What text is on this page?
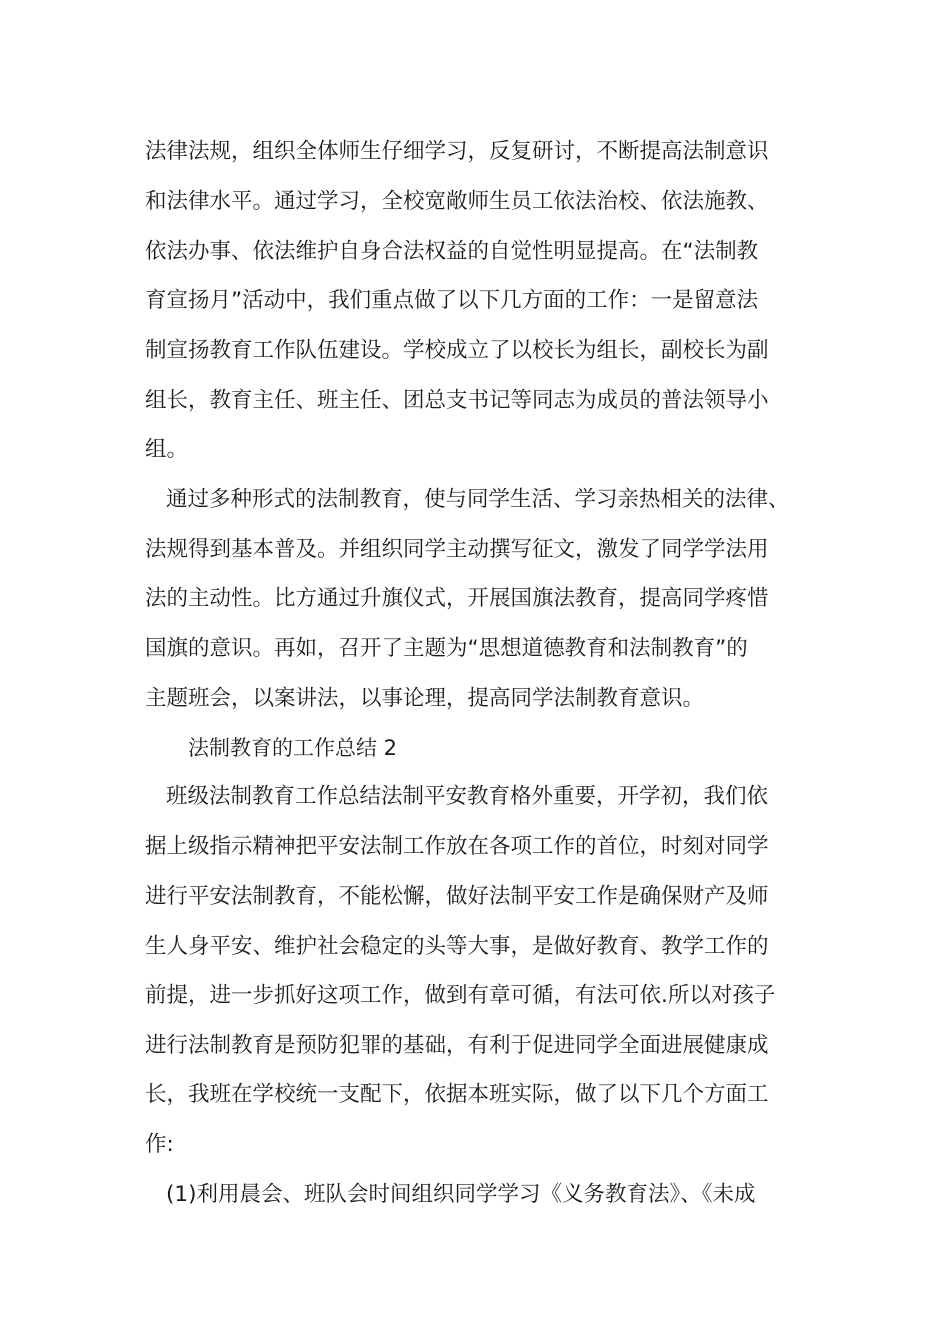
法律法规，组织全体师生仔细学习，反复研讨，不断提高法制意识

和法律水平。通过学习，全校宽敞师生员工依法治校、依法施教、

依法办事、依法维护自身合法权益的自觉性明显提高。在“法制教

育宣扬月”活动中，我们重点做了以下几方面的工作：一是留意法

制宣扬教育工作队伍建设。学校成立了以校长为组长，副校长为副

组长，教育主任、班主任、团总支书记等同志为成员的普法领导小

组。

通过多种形式的法制教育，使与同学生活、学习亲热相关的法律、

法规得到基本普及。并组织同学主动撰写征文，激发了同学学法用

法的主动性。比方通过升旗仪式，开展国旗法教育，提高同学疼惜

国旗的意识。再如，召开了主题为“思想道德教育和法制教育”的

主题班会，以案讲法，以事论理，提高同学法制教育意识。

法制教育的工作总结 2

班级法制教育工作总结法制平安教育格外重要，开学初，我们依

据上级指示精神把平安法制工作放在各项工作的首位，时刻对同学

进行平安法制教育，不能松懈，做好法制平安工作是确保财产及师

生人身平安、维护社会稳定的头等大事，是做好教育、教学工作的

前提，进一步抓好这项工作，做到有章可循，有法可依.所以对孩子

进行法制教育是预防犯罪的基础，有利于促进同学全面进展健康成

长，我班在学校统一支配下，依据本班实际，做了以下几个方面工

作:

(1)利用晨会、班队会时间组织同学学习《义务教育法》、《未成
